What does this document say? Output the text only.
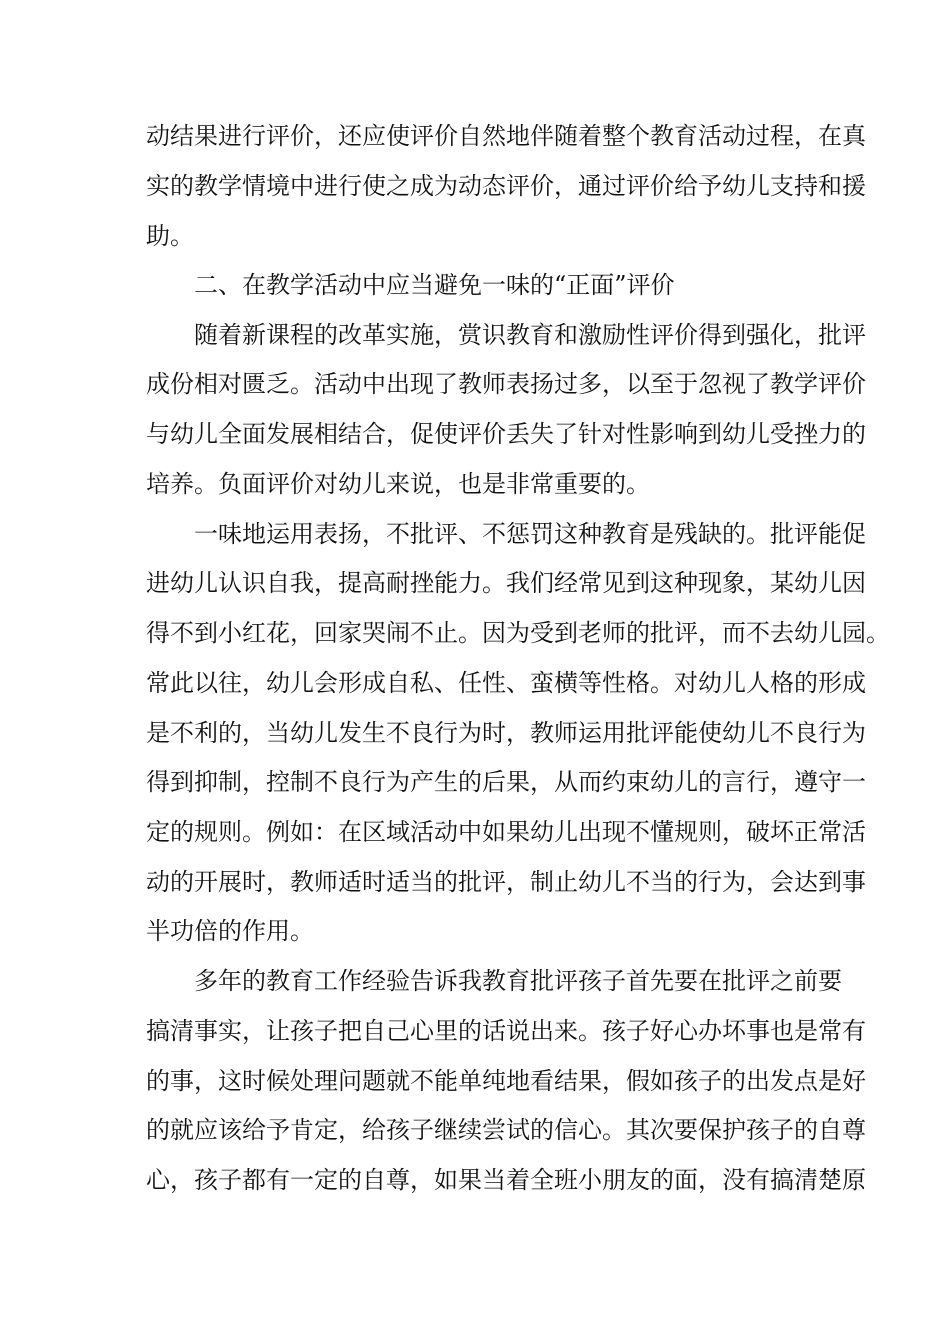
动结果进行评价，还应使评价自然地伴随着整个教育活动过程，在真
实的教学情境中进行使之成为动态评价，通过评价给予幼儿支持和援
助。
二、在教学活动中应当避免一味的“正面”评价
随着新课程的改革实施，赏识教育和激励性评价得到强化，批评
成份相对匮乏。活动中出现了教师表扬过多，以至于忽视了教学评价
与幼儿全面发展相结合，促使评价丢失了针对性影响到幼儿受挫力的
培养。负面评价对幼儿来说，也是非常重要的。
一味地运用表扬，不批评、不惩罚这种教育是残缺的。批评能促
进幼儿认识自我，提高耐挫能力。我们经常见到这种现象，某幼儿因
得不到小红花，回家哭闹不止。因为受到老师的批评，而不去幼儿园。
常此以往，幼儿会形成自私、任性、蛮横等性格。对幼儿人格的形成
是不利的，当幼儿发生不良行为时，教师运用批评能使幼儿不良行为
得到抑制，控制不良行为产生的后果，从而约束幼儿的言行，遵守一
定的规则。例如：在区域活动中如果幼儿出现不懂规则，破坏正常活
动的开展时，教师适时适当的批评，制止幼儿不当的行为，会达到事
半功倍的作用。
多年的教育工作经验告诉我教育批评孩子首先要在批评之前要
搞清事实，让孩子把自己心里的话说出来。孩子好心办坏事也是常有
的事，这时候处理问题就不能单纯地看结果，假如孩子的出发点是好
的就应该给予肯定，给孩子继续尝试的信心。其次要保护孩子的自尊
心，孩子都有一定的自尊，如果当着全班小朋友的面，没有搞清楚原
